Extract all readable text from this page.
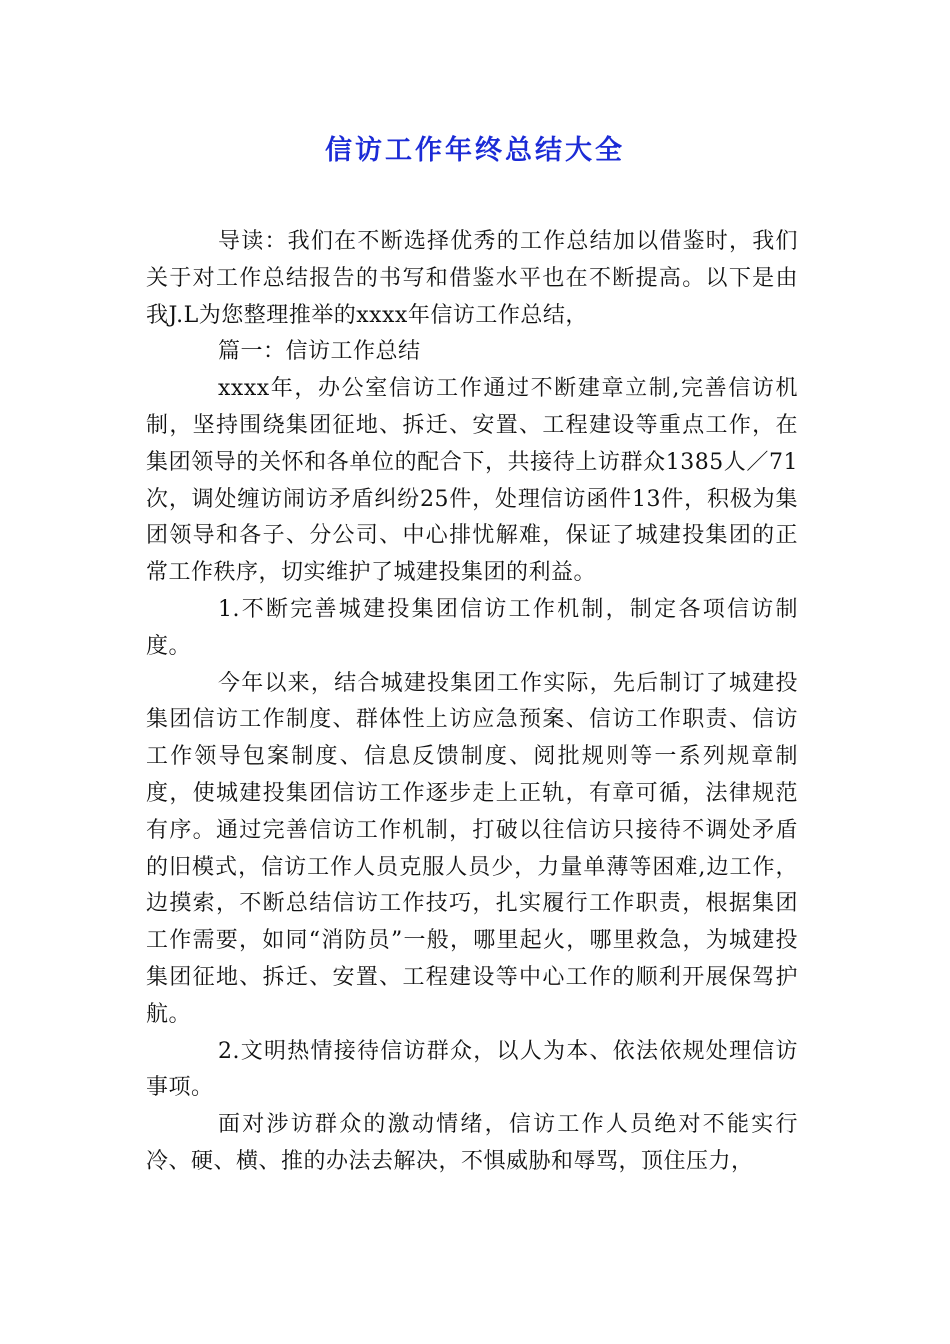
信访工作年终总结大全

导读：我们在不断选择优秀的工作总结加以借鉴时，我们关于对工作总结报告的书写和借鉴水平也在不断提高。以下是由我J.L为您整理推举的xxxx年信访工作总结，

篇一：信访工作总结

xxxx年，办公室信访工作通过不断建章立制,完善信访机制，坚持围绕集团征地、拆迁、安置、工程建设等重点工作，在集团领导的关怀和各单位的配合下，共接待上访群众1385人／71次，调处缠访闹访矛盾纠纷25件，处理信访函件13件，积极为集团领导和各子、分公司、中心排忧解难，保证了城建投集团的正常工作秩序，切实维护了城建投集团的利益。

1.不断完善城建投集团信访工作机制，制定各项信访制度。

今年以来，结合城建投集团工作实际，先后制订了城建投集团信访工作制度、群体性上访应急预案、信访工作职责、信访工作领导包案制度、信息反馈制度、阅批规则等一系列规章制度，使城建投集团信访工作逐步走上正轨，有章可循，法律规范有序。通过完善信访工作机制，打破以往信访只接待不调处矛盾的旧模式，信访工作人员克服人员少，力量单薄等困难,边工作，边摸索，不断总结信访工作技巧，扎实履行工作职责，根据集团工作需要，如同“消防员”一般，哪里起火，哪里救急，为城建投集团征地、拆迁、安置、工程建设等中心工作的顺利开展保驾护航。

2.文明热情接待信访群众，以人为本、依法依规处理信访事项。

面对涉访群众的激动情绪，信访工作人员绝对不能实行冷、硬、横、推的办法去解决，不惧威胁和辱骂，顶住压力，
